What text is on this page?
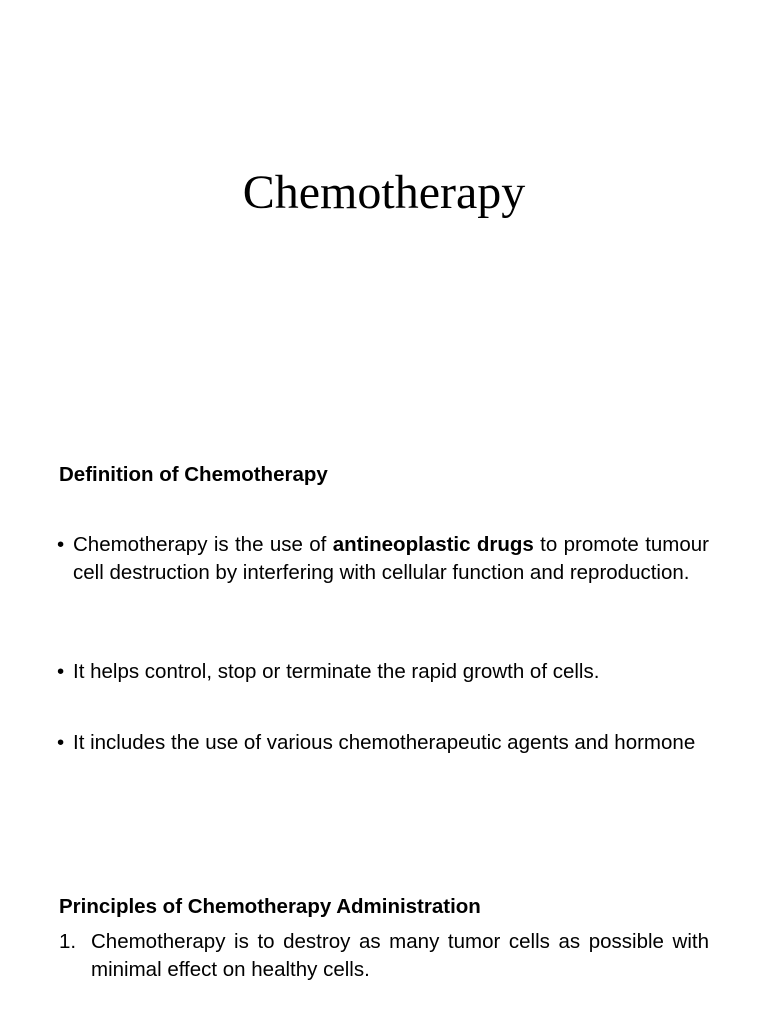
Chemotherapy
Definition of Chemotherapy
• Chemotherapy is the use of antineoplastic drugs to promote tumour cell destruction by interfering with cellular function and reproduction.
• It helps control, stop or terminate the rapid growth of cells.
• It includes the use of various chemotherapeutic agents and hormone
Principles of Chemotherapy Administration
1. Chemotherapy is to destroy as many tumor cells as possible with minimal effect on healthy cells.
